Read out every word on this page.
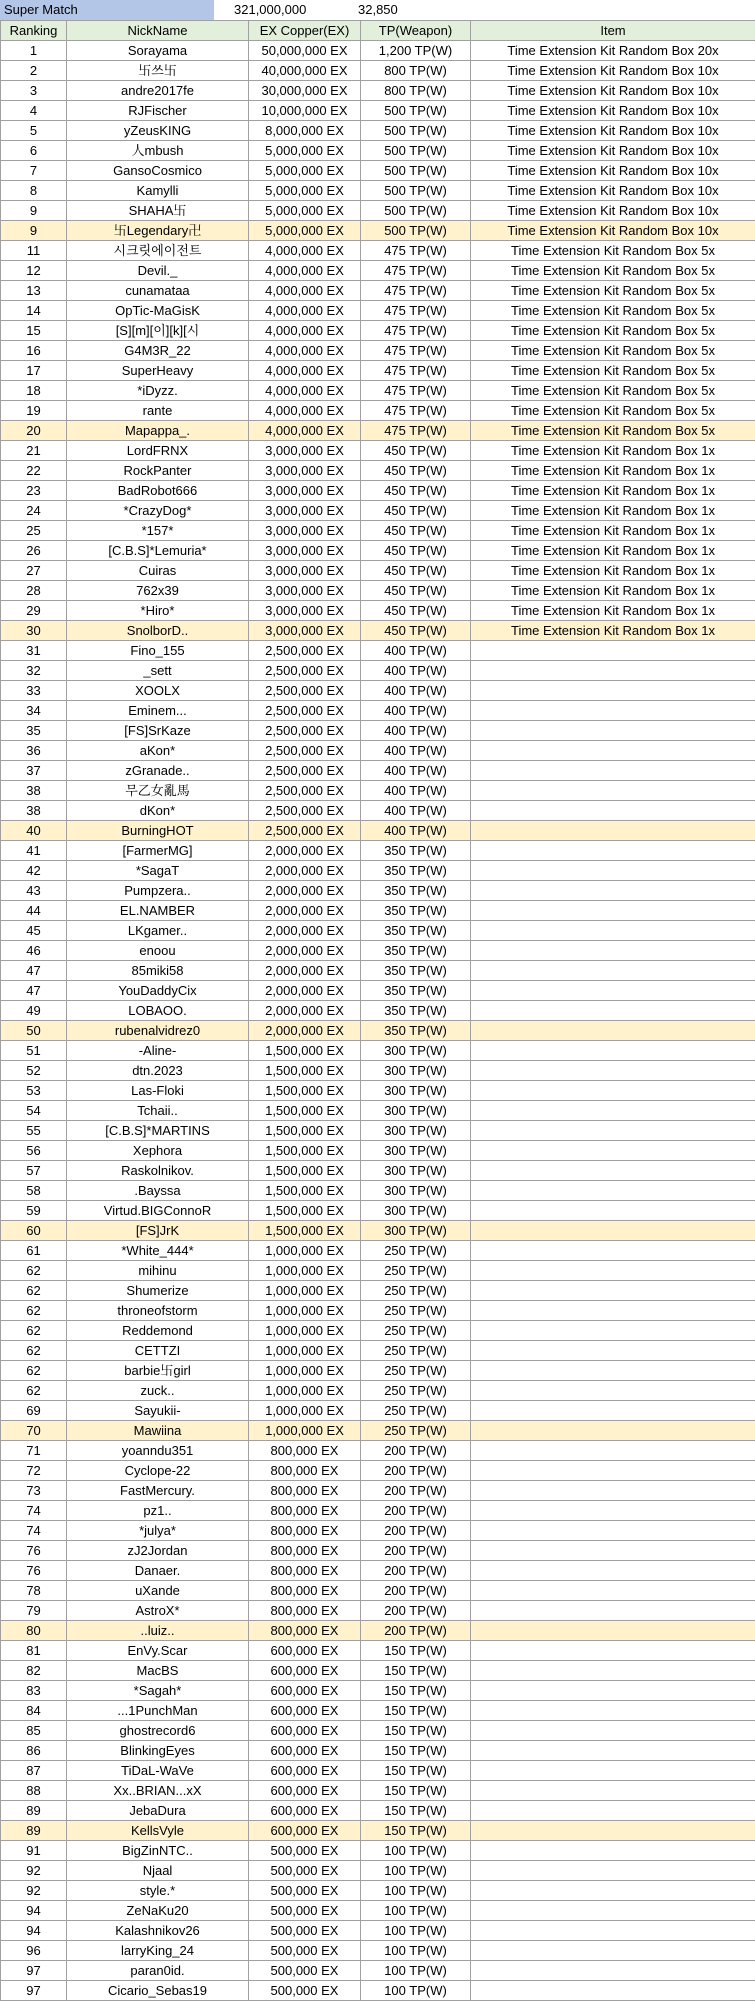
Super Match	321,000,000	32,850
Ranking	NickName	EX Copper(EX)	TP(Weapon)	Item
1	Sorayama	50,000,000 EX	1,200 TP(W)	Time Extension Kit Random Box 20x
2	卐쓰卐	40,000,000 EX	800 TP(W)	Time Extension Kit Random Box 10x
3	andre2017fe	30,000,000 EX	800 TP(W)	Time Extension Kit Random Box 10x
4	RJFischer	10,000,000 EX	500 TP(W)	Time Extension Kit Random Box 10x
5	yZeusKING	8,000,000 EX	500 TP(W)	Time Extension Kit Random Box 10x
6	人mbush	5,000,000 EX	500 TP(W)	Time Extension Kit Random Box 10x
7	GansoCosmico	5,000,000 EX	500 TP(W)	Time Extension Kit Random Box 10x
8	Kamylli	5,000,000 EX	500 TP(W)	Time Extension Kit Random Box 10x
9	SHAHA卐	5,000,000 EX	500 TP(W)	Time Extension Kit Random Box 10x
9	卐Legendary卍	5,000,000 EX	500 TP(W)	Time Extension Kit Random Box 10x
11	시크릿에이전트	4,000,000 EX	475 TP(W)	Time Extension Kit Random Box 5x
12	Devil._	4,000,000 EX	475 TP(W)	Time Extension Kit Random Box 5x
13	cunamataa	4,000,000 EX	475 TP(W)	Time Extension Kit Random Box 5x
14	OpTic-MaGisK	4,000,000 EX	475 TP(W)	Time Extension Kit Random Box 5x
15	[S][m][이][k][시	4,000,000 EX	475 TP(W)	Time Extension Kit Random Box 5x
16	G4M3R_22	4,000,000 EX	475 TP(W)	Time Extension Kit Random Box 5x
17	SuperHeavy	4,000,000 EX	475 TP(W)	Time Extension Kit Random Box 5x
18	*iDyzz.	4,000,000 EX	475 TP(W)	Time Extension Kit Random Box 5x
19	rante	4,000,000 EX	475 TP(W)	Time Extension Kit Random Box 5x
20	Mapappa_.	4,000,000 EX	475 TP(W)	Time Extension Kit Random Box 5x
21	LordFRNX	3,000,000 EX	450 TP(W)	Time Extension Kit Random Box 1x
22	RockPanter	3,000,000 EX	450 TP(W)	Time Extension Kit Random Box 1x
23	BadRobot666	3,000,000 EX	450 TP(W)	Time Extension Kit Random Box 1x
24	*CrazyDog*	3,000,000 EX	450 TP(W)	Time Extension Kit Random Box 1x
25	*157*	3,000,000 EX	450 TP(W)	Time Extension Kit Random Box 1x
26	[C.B.S]*Lemuria*	3,000,000 EX	450 TP(W)	Time Extension Kit Random Box 1x
27	Cuiras	3,000,000 EX	450 TP(W)	Time Extension Kit Random Box 1x
28	762x39	3,000,000 EX	450 TP(W)	Time Extension Kit Random Box 1x
29	*Hiro*	3,000,000 EX	450 TP(W)	Time Extension Kit Random Box 1x
30	SnolborD..	3,000,000 EX	450 TP(W)	Time Extension Kit Random Box 1x
31	Fino_155	2,500,000 EX	400 TP(W)	
32	_sett	2,500,000 EX	400 TP(W)	
33	XOOLX	2,500,000 EX	400 TP(W)	
34	Eminem...	2,500,000 EX	400 TP(W)	
35	[FS]SrKaze	2,500,000 EX	400 TP(W)	
36	aKon*	2,500,000 EX	400 TP(W)	
37	zGranade..	2,500,000 EX	400 TP(W)	
38	무乙女亂馬	2,500,000 EX	400 TP(W)	
38	dKon*	2,500,000 EX	400 TP(W)	
40	BurningHOT	2,500,000 EX	400 TP(W)	
41	[FarmerMG]	2,000,000 EX	350 TP(W)	
42	*SagaT	2,000,000 EX	350 TP(W)	
43	Pumpzera..	2,000,000 EX	350 TP(W)	
44	EL.NAMBER	2,000,000 EX	350 TP(W)	
45	LKgamer..	2,000,000 EX	350 TP(W)	
46	enoou	2,000,000 EX	350 TP(W)	
47	85miki58	2,000,000 EX	350 TP(W)	
47	YouDaddyCix	2,000,000 EX	350 TP(W)	
49	LOBAOO.	2,000,000 EX	350 TP(W)	
50	rubenalvidrez0	2,000,000 EX	350 TP(W)	
51	-Aline-	1,500,000 EX	300 TP(W)	
52	dtn.2023	1,500,000 EX	300 TP(W)	
53	Las-Floki	1,500,000 EX	300 TP(W)	
54	Tchaii..	1,500,000 EX	300 TP(W)	
55	[C.B.S]*MARTINS	1,500,000 EX	300 TP(W)	
56	Xephora	1,500,000 EX	300 TP(W)	
57	Raskolnikov.	1,500,000 EX	300 TP(W)	
58	.Bayssa	1,500,000 EX	300 TP(W)	
59	Virtud.BIGConnoR	1,500,000 EX	300 TP(W)	
60	[FS]JrK	1,500,000 EX	300 TP(W)	
61	*White_444*	1,000,000 EX	250 TP(W)	
62	mihinu	1,000,000 EX	250 TP(W)	
62	Shumerize	1,000,000 EX	250 TP(W)	
62	throneofstorm	1,000,000 EX	250 TP(W)	
62	Reddemond	1,000,000 EX	250 TP(W)	
62	CETTZI	1,000,000 EX	250 TP(W)	
62	barbie卐girl	1,000,000 EX	250 TP(W)	
62	zuck..	1,000,000 EX	250 TP(W)	
69	Sayukii-	1,000,000 EX	250 TP(W)	
70	Mawiina	1,000,000 EX	250 TP(W)	
71	yoanndu351	800,000 EX	200 TP(W)	
72	Cyclope-22	800,000 EX	200 TP(W)	
73	FastMercury.	800,000 EX	200 TP(W)	
74	pz1..	800,000 EX	200 TP(W)	
74	*julya*	800,000 EX	200 TP(W)	
76	zJ2Jordan	800,000 EX	200 TP(W)	
76	Danaer.	800,000 EX	200 TP(W)	
78	uXande	800,000 EX	200 TP(W)	
79	AstroX*	800,000 EX	200 TP(W)	
80	..luiz..	800,000 EX	200 TP(W)	
81	EnVy.Scar	600,000 EX	150 TP(W)	
82	MacBS	600,000 EX	150 TP(W)	
83	*Sagah*	600,000 EX	150 TP(W)	
84	...1PunchMan	600,000 EX	150 TP(W)	
85	ghostrecord6	600,000 EX	150 TP(W)	
86	BlinkingEyes	600,000 EX	150 TP(W)	
87	TiDaL-WaVe	600,000 EX	150 TP(W)	
88	Xx..BRIAN...xX	600,000 EX	150 TP(W)	
89	JebaDura	600,000 EX	150 TP(W)	
89	KellsVyle	600,000 EX	150 TP(W)	
91	BigZinNTC..	500,000 EX	100 TP(W)	
92	Njaal	500,000 EX	100 TP(W)	
92	style.*	500,000 EX	100 TP(W)	
94	ZeNaKu20	500,000 EX	100 TP(W)	
94	Kalashnikov26	500,000 EX	100 TP(W)	
96	larryKing_24	500,000 EX	100 TP(W)	
97	paran0id.	500,000 EX	100 TP(W)	
97	Cicario_Sebas19	500,000 EX	100 TP(W)	
